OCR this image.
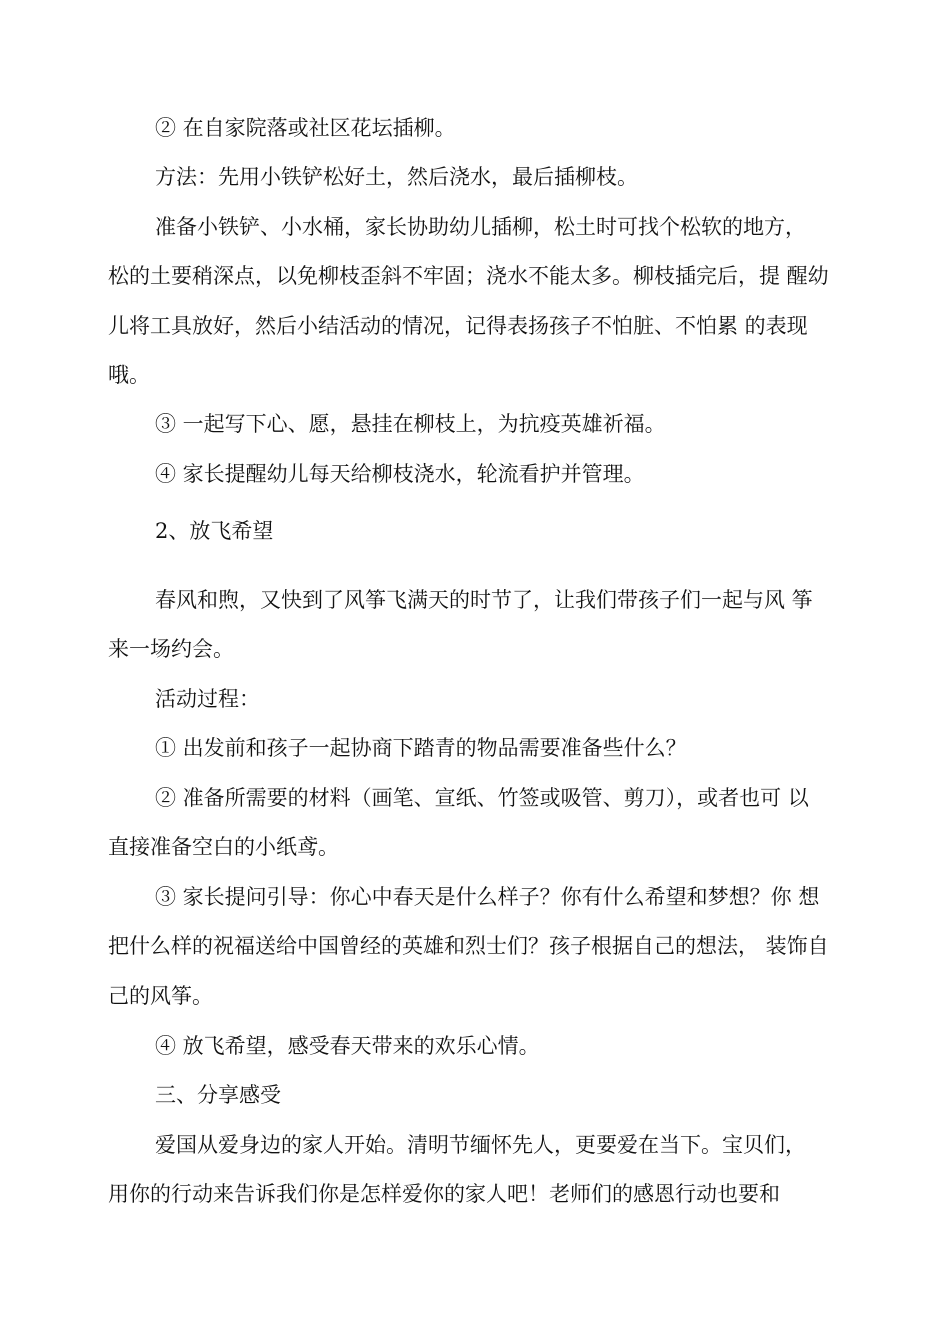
② 在自家院落或社区花坛插柳。
方法：先用小铁铲松好土，然后浇水，最后插柳枝。
准备小铁铲、小水桶，家长协助幼儿插柳，松土时可找个松软的地方，
松的土要稍深点，以免柳枝歪斜不牢固；浇水不能太多。柳枝插完后，提 醒幼
儿将工具放好，然后小结活动的情况，记得表扬孩子不怕脏、不怕累 的表现
哦。
③ 一起写下心、愿，悬挂在柳枝上，为抗疫英雄祈福。
④ 家长提醒幼儿每天给柳枝浇水，轮流看护并管理。
2、放飞希望
春风和煦，又快到了风筝飞满天的时节了，让我们带孩子们一起与风 筝
来一场约会。
活动过程：
① 出发前和孩子一起协商下踏青的物品需要准备些什么？
② 准备所需要的材料（画笔、宣纸、竹签或吸管、剪刀），或者也可 以
直接准备空白的小纸鸢。
③ 家长提问引导：你心中春天是什么样子？你有什么希望和梦想？你 想
把什么样的祝福送给中国曾经的英雄和烈士们？孩子根据自己的想法， 装饰自
己的风筝。
④ 放飞希望，感受春天带来的欢乐心情。
三、分享感受
爱国从爱身边的家人开始。清明节缅怀先人，更要爱在当下。宝贝们，
用你的行动来告诉我们你是怎样爱你的家人吧！老师们的感恩行动也要和
